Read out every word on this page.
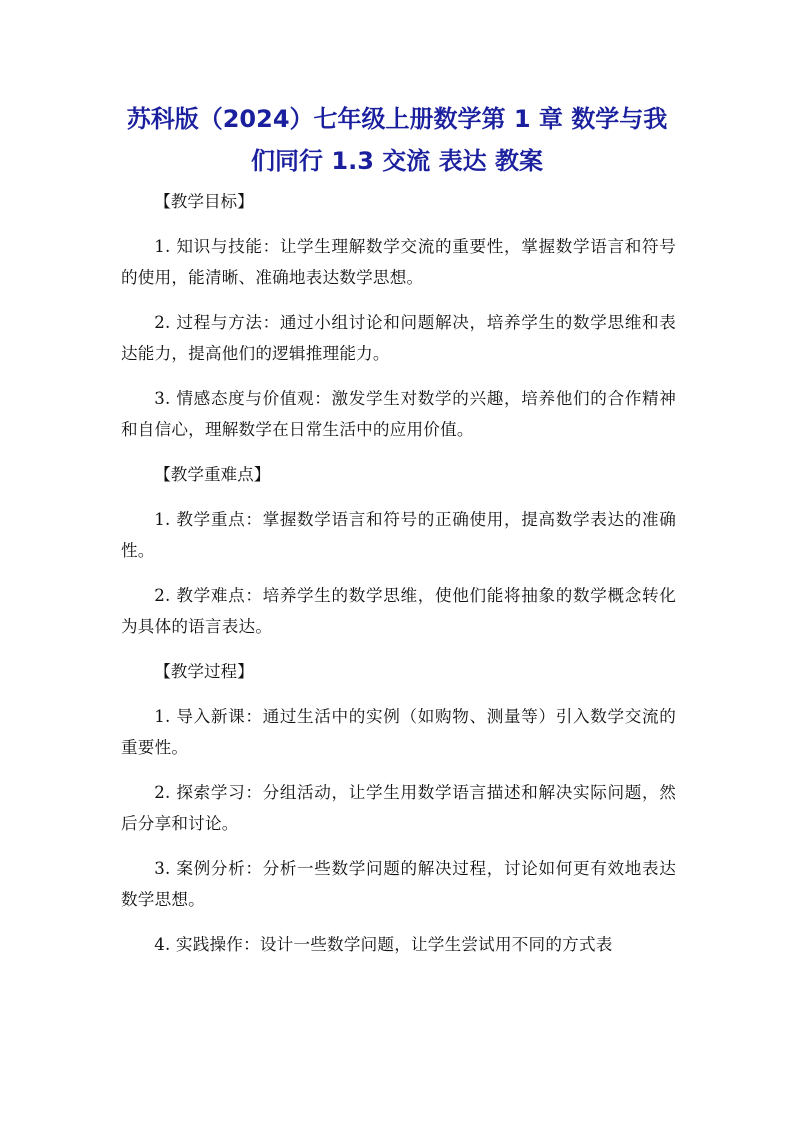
苏科版（2024）七年级上册数学第 1 章 数学与我
们同行 1.3 交流 表达 教案

【教学目标】

1. 知识与技能：让学生理解数学交流的重要性，掌握数学语言和符号的使用，能清晰、准确地表达数学思想。

2. 过程与方法：通过小组讨论和问题解决，培养学生的数学思维和表达能力，提高他们的逻辑推理能力。

3. 情感态度与价值观：激发学生对数学的兴趣，培养他们的合作精神和自信心，理解数学在日常生活中的应用价值。

【教学重难点】

1. 教学重点：掌握数学语言和符号的正确使用，提高数学表达的准确性。

2. 教学难点：培养学生的数学思维，使他们能将抽象的数学概念转化为具体的语言表达。

【教学过程】

1. 导入新课：通过生活中的实例（如购物、测量等）引入数学交流的重要性。

2. 探索学习：分组活动，让学生用数学语言描述和解决实际问题，然后分享和讨论。

3. 案例分析：分析一些数学问题的解决过程，讨论如何更有效地表达数学思想。

4. 实践操作：设计一些数学问题，让学生尝试用不同的方式表
